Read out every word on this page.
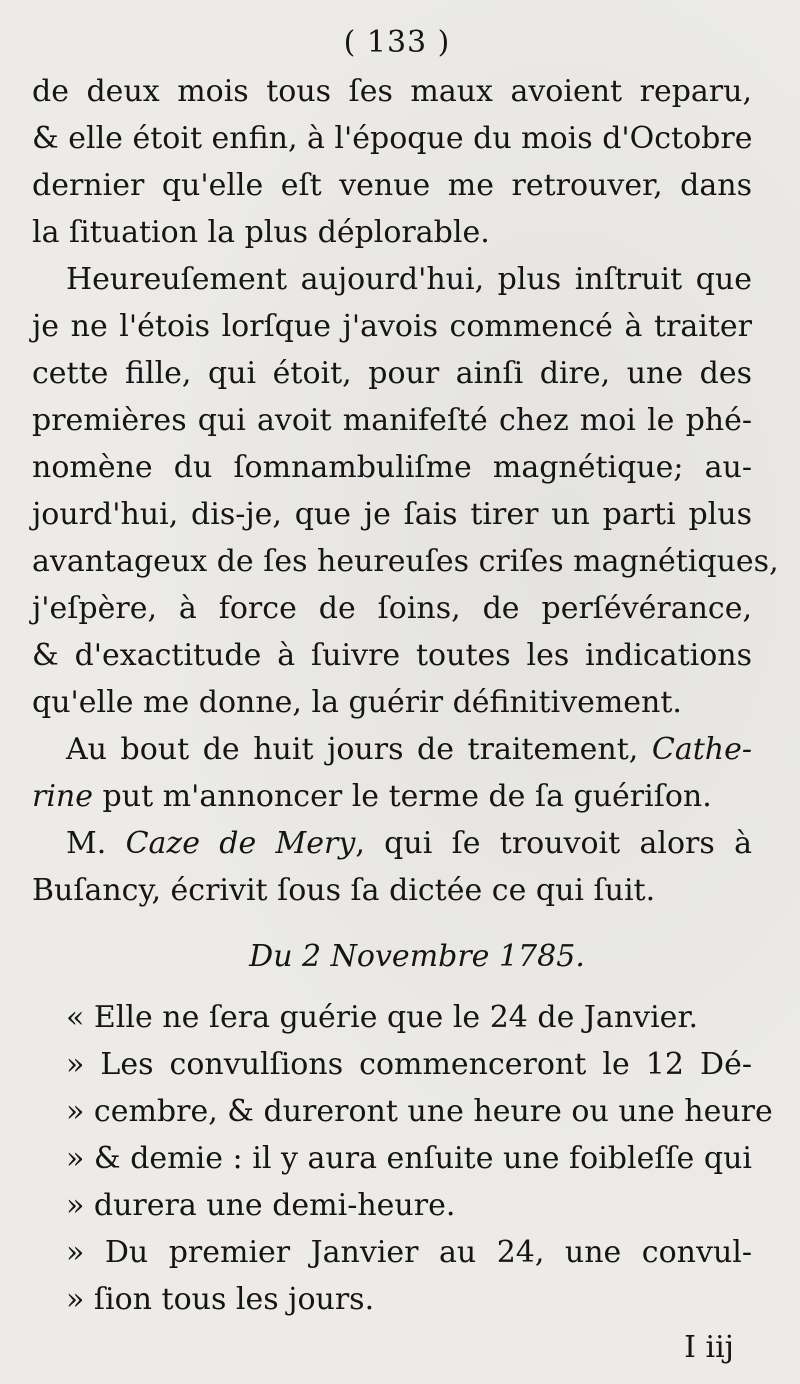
( 133 )
de deux mois tous ſes maux avoient reparu,
& elle étoit enfin, à l'époque du mois d'Octobre
dernier qu'elle eſt venue me retrouver, dans
la ſituation la plus déplorable.
Heureuſement aujourd'hui, plus inſtruit que
je ne l'étois lorſque j'avois commencé à traiter
cette fille, qui étoit, pour ainſi dire, une des
premières qui avoit manifeſté chez moi le phé-
nomène du ſomnambuliſme magnétique; au-
jourd'hui, dis-je, que je ſais tirer un parti plus
avantageux de ſes heureuſes criſes magnétiques,
j'eſpère, à force de ſoins, de perſévérance,
& d'exactitude à ſuivre toutes les indications
qu'elle me donne, la guérir définitivement.
Au bout de huit jours de traitement, Cathe-
rine put m'annoncer le terme de ſa guériſon.
M. Caze de Mery, qui ſe trouvoit alors à
Buſancy, écrivit ſous ſa dictée ce qui ſuit.
Du 2 Novembre 1785.
« Elle ne ſera guérie que le 24 de Janvier.
» Les convulſions commenceront le 12 Dé-
» cembre, & dureront une heure ou une heure
» & demie : il y aura enſuite une foibleſſe qui
» durera une demi-heure.
» Du premier Janvier au 24, une convul-
» ſion tous les jours.
I iij
